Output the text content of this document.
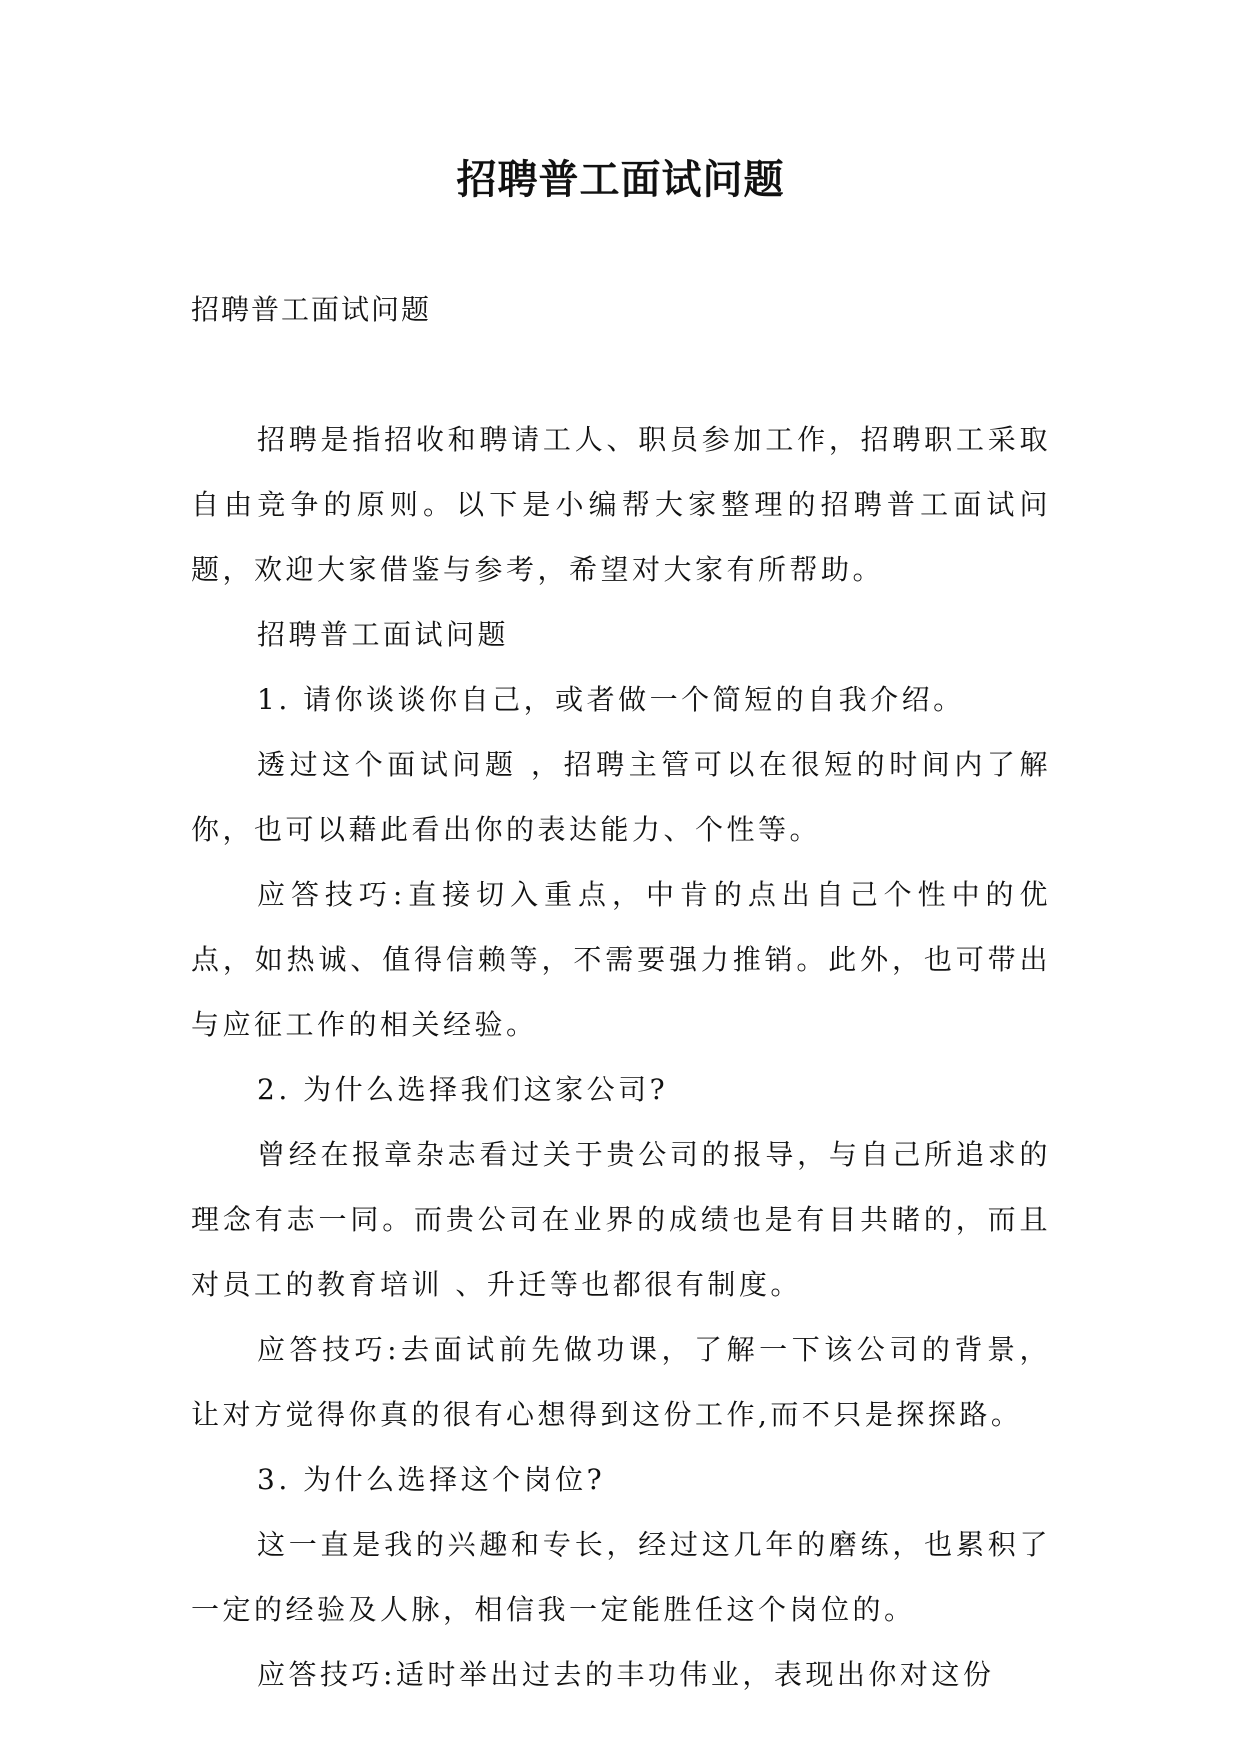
招聘普工面试问题
招聘普工面试问题

招聘是指招收和聘请工人、职员参加工作，招聘职工采取自由竞争的原则。以下是小编帮大家整理的招聘普工面试问题，欢迎大家借鉴与参考，希望对大家有所帮助。

招聘普工面试问题

1. 请你谈谈你自己，或者做一个简短的自我介绍。

透过这个面试问题 ，招聘主管可以在很短的时间内了解你，也可以藉此看出你的表达能力、个性等。

应答技巧:直接切入重点，中肯的点出自己个性中的优点，如热诚、值得信赖等，不需要强力推销。此外，也可带出与应征工作的相关经验。

2. 为什么选择我们这家公司?

曾经在报章杂志看过关于贵公司的报导，与自己所追求的理念有志一同。而贵公司在业界的成绩也是有目共睹的，而且对员工的教育培训 、升迁等也都很有制度。

应答技巧:去面试前先做功课，了解一下该公司的背景，让对方觉得你真的很有心想得到这份工作,而不只是探探路。

3. 为什么选择这个岗位?

这一直是我的兴趣和专长，经过这几年的磨练，也累积了一定的经验及人脉，相信我一定能胜任这个岗位的。

应答技巧:适时举出过去的丰功伟业，表现出你对这份
